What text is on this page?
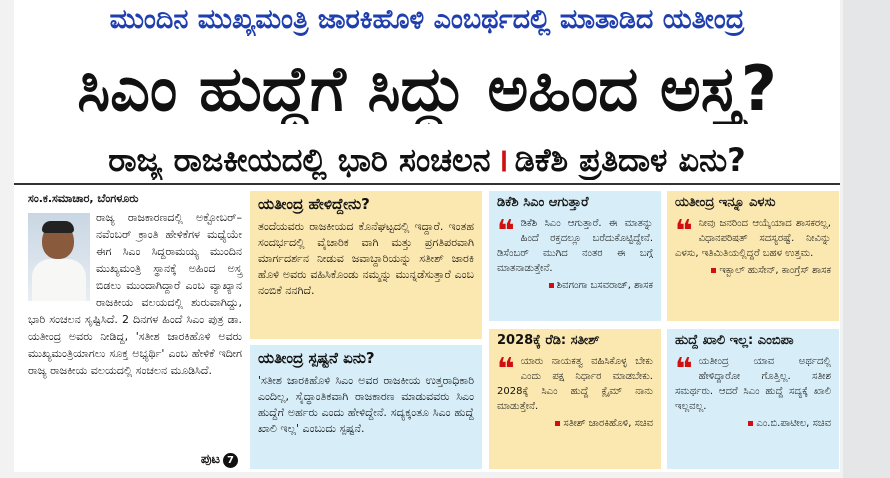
ಮುಂದಿನ ಮುಖ್ಯಮಂತ್ರಿ ಜಾರಕಿಹೊಳಿ ಎಂಬರ್ಥದಲ್ಲಿ ಮಾತಾಡಿದ ಯತೀಂದ್ರ
ಸಿಎಂ ಹುದ್ದೆಗೆ ಸಿದ್ದು ಅಹಿಂದ ಅಸ್ತ್ರ?
ರಾಜ್ಯ ರಾಜಕೀಯದಲ್ಲಿ ಭಾರಿ ಸಂಚಲನ । ಡಿಕೆಶಿ ಪ್ರತಿದಾಳ ಏನು?
ಸಂ.ಕ.ಸಮಾಚಾರ, ಬೆಂಗಳೂರು

ರಾಜ್ಯ ರಾಜಕಾರಣದಲ್ಲಿ ಅಕ್ಟೋಬರ್–ನವೆಂಬರ್ ಕ್ರಾಂತಿ ಹೇಳಿಕೆಗಳ ಮಧ್ಯೆಯೇ ಈಗ ಸಿಎಂ ಸಿದ್ದರಾಮಯ್ಯ ಮುಂದಿನ ಮುಖ್ಯಮಂತ್ರಿ ಸ್ಥಾನಕ್ಕೆ ಅಹಿಂದ ಅಸ್ತ್ರ ಬಿಡಲು ಮುಂದಾಗಿದ್ದಾರೆ ಎಂಬ ವ್ಯಾಖ್ಯಾನ ರಾಜಕೀಯ ವಲಯದಲ್ಲಿ ಶುರುವಾಗಿದ್ದು, ಭಾರಿ ಸಂಚಲನ ಸೃಷ್ಟಿಸಿದೆ. 2 ದಿನಗಳ ಹಿಂದೆ ಸಿಎಂ ಪುತ್ರ ಡಾ. ಯತೀಂದ್ರ ಅವರು ನೀಡಿದ್ದ, 'ಸತೀಶ ಜಾರಕಿಹೊಳಿ ಅವರು ಮುಖ್ಯಮಂತ್ರಿಯಾಗಲು ಸೂಕ್ತ ಅಭ್ಯರ್ಥಿ' ಎಂಬ ಹೇಳಿಕೆ ಇದೀಗ ರಾಜ್ಯ ರಾಜಕೀಯ ವಲಯದಲ್ಲಿ ಸಂಚಲನ ಮೂಡಿಸಿದೆ.

ಪುಟ 7
ಯತೀಂದ್ರ ಹೇಳಿದ್ದೇನು?
ತಂದೆಯವರು ರಾಜಕೀಯದ ಕೊನೆಘಟ್ಟದಲ್ಲಿ ಇದ್ದಾರೆ. ಇಂತಹ ಸಂದರ್ಭದಲ್ಲಿ ವೈಚಾರಿಕ ವಾಗಿ ಮತ್ತು ಪ್ರಗತಿಪರವಾಗಿ ಮಾರ್ಗದರ್ಶನ ನೀಡುವ ಜವಾಬ್ದಾರಿಯನ್ನು ಸತೀಶ್ ಜಾರಕಿ ಹೊಳಿ ಅವರು ವಹಿಸಿಕೊಂಡು ನಮ್ಮನ್ನು ಮುನ್ನಡೆಸುತ್ತಾರೆ ಎಂಬ ನಂಬಿಕೆ ನನಗಿದೆ.
ಯತೀಂದ್ರ ಸ್ಪಷ್ಟನೆ ಏನು?
'ಸತೀಶ ಜಾರಕಿಹೊಳಿ ಸಿಎಂ ಅವರ ರಾಜಕೀಯ ಉತ್ತರಾಧಿಕಾರಿ ಎಂದಿಲ್ಲ, ಸೈದ್ಧಾಂತಿಕವಾಗಿ ರಾಜಕಾರಣ ಮಾಡುವವರು ಸಿಎಂ ಹುದ್ದೆಗೆ ಅರ್ಹರು ಎಂದು ಹೇಳಿದ್ದೇನೆ. ಸದ್ಯಕ್ಕಂತೂ ಸಿಎಂ ಹುದ್ದೆ ಖಾಲಿ ಇಲ್ಲ' ಎಂಬುದು ಸ್ಪಷ್ಟನೆ.
ಡಿಕೆಶಿ ಸಿಎಂ ಆಗುತ್ತಾರೆ
❝ ಡಿಕೆಶಿ ಸಿಎಂ ಆಗುತ್ತಾರೆ. ಈ ಮಾತನ್ನು ಹಿಂದೆ ರಕ್ತದಲ್ಲೂ ಬರೆದುಕೊಟ್ಟಿದ್ದೇನೆ. ಡಿಸೆಂಬರ್ ಮುಗಿದ ನಂತರ ಈ ಬಗ್ಗೆ ಮಾತನಾಡುತ್ತೇನೆ.
ಶಿವಗಂಗಾ ಬಸವರಾಜ್, ಶಾಸಕ
2028ಕ್ಕೆ ರೆಡಿ: ಸತೀಶ್
❝ ಯಾರು ನಾಯಕತ್ವ ವಹಿಸಿಕೊಳ್ಳ ಬೇಕು ಎಂದು ಪಕ್ಷ ನಿರ್ಧಾರ ಮಾಡಬೇಕು. 2028ಕ್ಕೆ ಸಿಎಂ ಹುದ್ದೆ ಕ್ಲೈಮ್ ನಾನು ಮಾಡುತ್ತೇನೆ.
ಸತೀಶ್ ಜಾರಕಿಹೊಳಿ, ಸಚಿವ
ಯತೀಂದ್ರ ಇನ್ನೂ ಎಳಸು
❝ ನೀವು ಜನರಿಂದ ಆಯ್ಕೆಯಾದ ಶಾಸಕರಲ್ಲ, ವಿಧಾನಪರಿಷತ್ ಸದಸ್ಯರಷ್ಟೆ. ನೀವಿನ್ನು ಎಳಸು, ಇತಿಮಿತಿಯಲ್ಲಿದ್ದರೆ ಬಹಳ ಉತ್ತಮ.
ಇಕ್ಬಾಲ್ ಹುಸೇನ್, ಕಾಂಗ್ರೆಸ್ ಶಾಸಕ
ಹುದ್ದೆ ಖಾಲಿ ಇಲ್ಲ: ಎಂಬಿಪಾ
❝ ಯತೀಂದ್ರ ಯಾವ ಅರ್ಥದಲ್ಲಿ ಹೇಳಿದ್ದಾರೋ ಗೊತ್ತಿಲ್ಲ. ಸತೀಶ ಸಮರ್ಥರು. ಆದರೆ ಸಿಎಂ ಹುದ್ದೆ ಸದ್ಯಕ್ಕೆ ಖಾಲಿ ಇಲ್ಲವಲ್ಲ.
ಎಂ.ಬಿ.ಪಾಟೀಲ, ಸಚಿವ
